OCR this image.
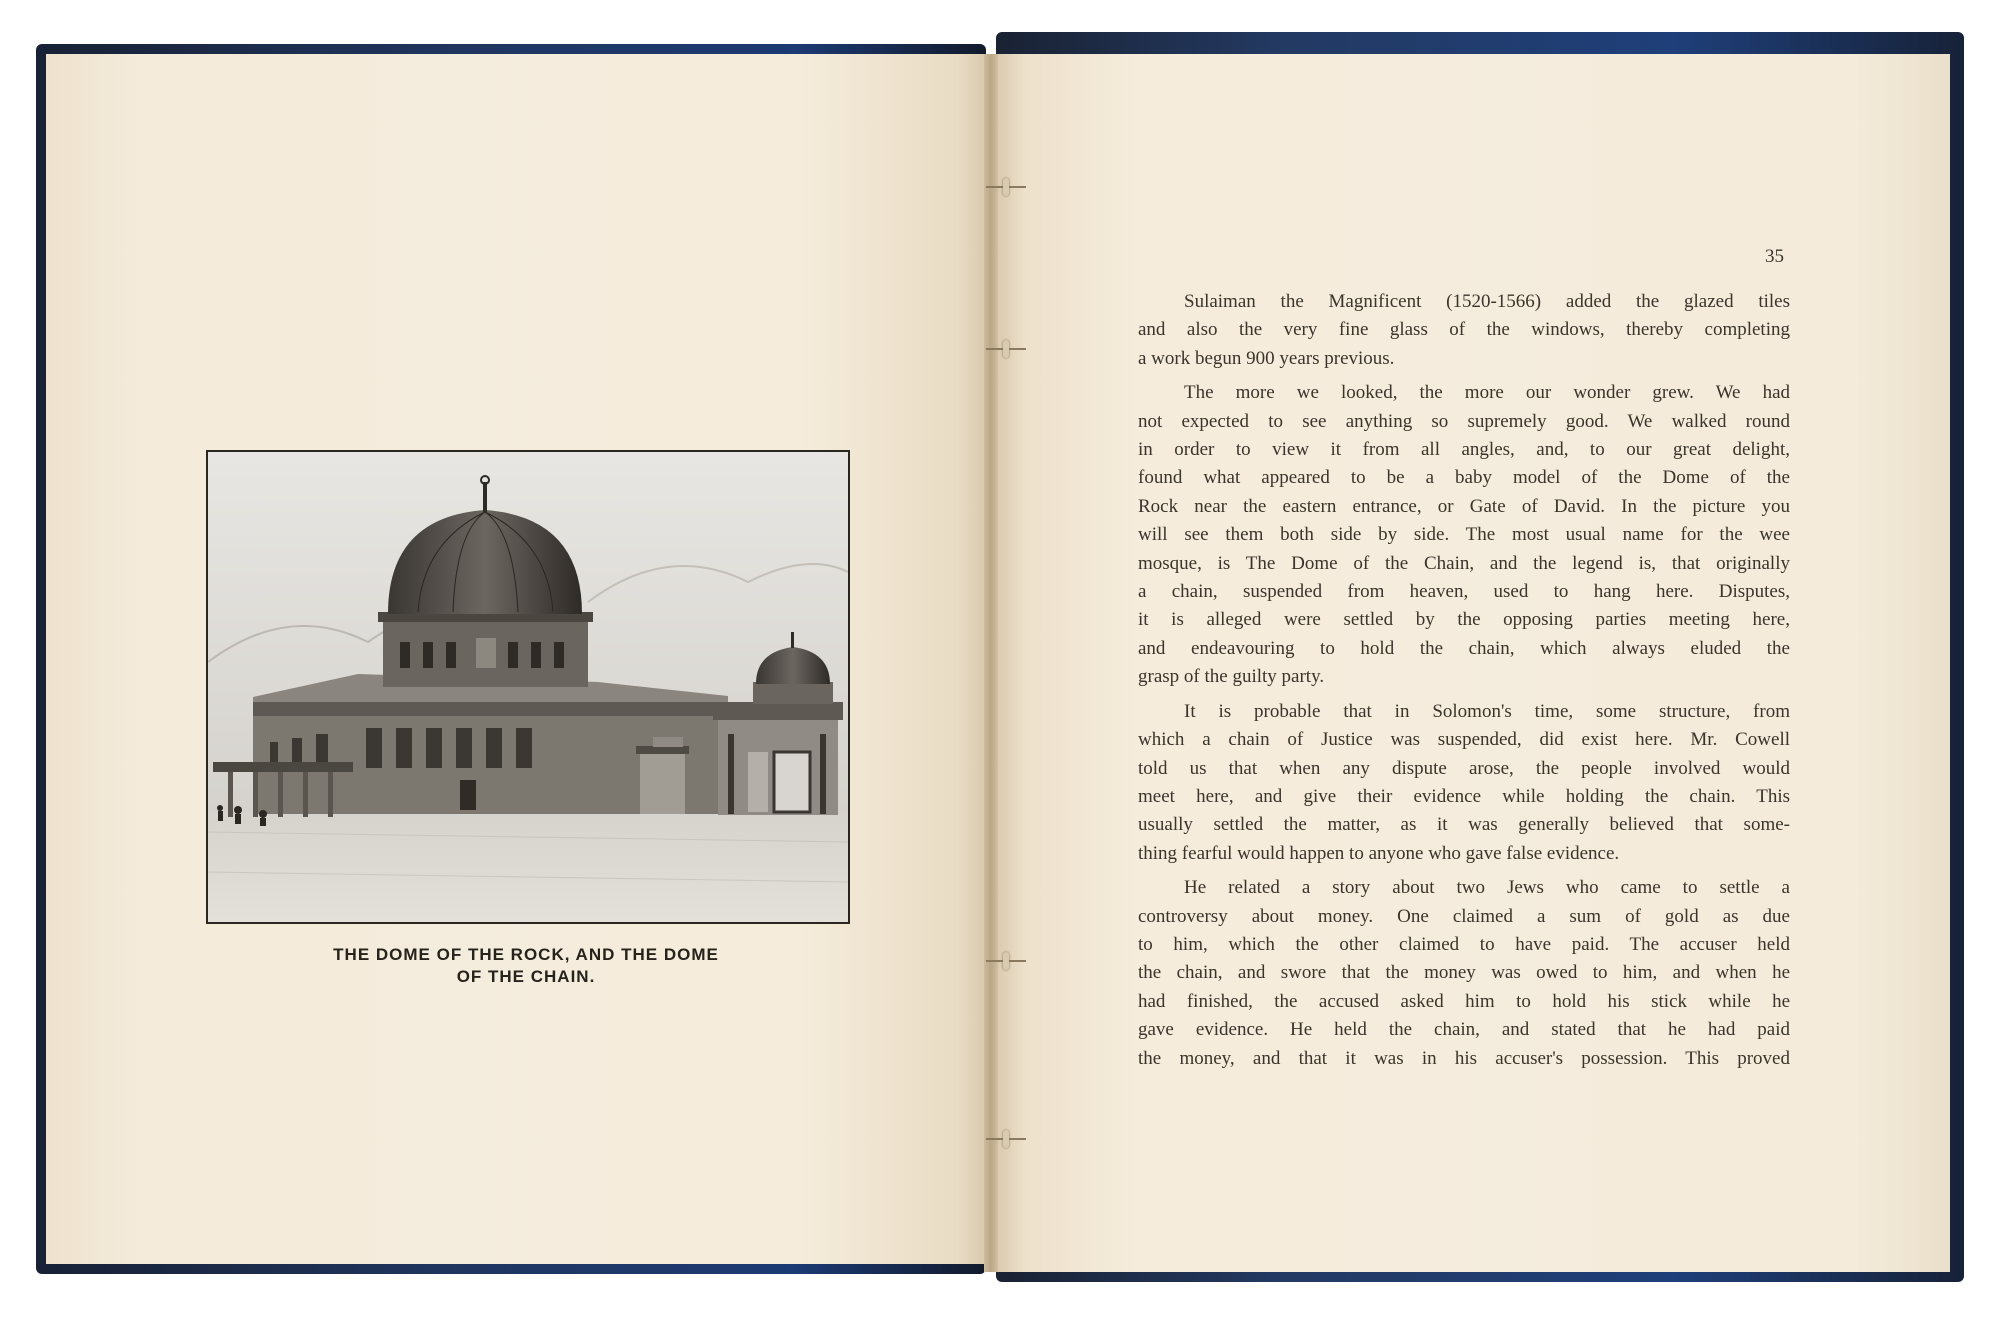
THE DOME OF THE ROCK, AND THE DOME
OF THE CHAIN.
35
Sulaiman the Magnificent (1520-1566) added the glazed tiles
and also the very fine glass of the windows, thereby completing
a work begun 900 years previous.
The more we looked, the more our wonder grew. We had
not expected to see anything so supremely good. We walked round
in order to view it from all angles, and, to our great delight,
found what appeared to be a baby model of the Dome of the
Rock near the eastern entrance, or Gate of David. In the picture you
will see them both side by side. The most usual name for the wee
mosque, is The Dome of the Chain, and the legend is, that originally
a chain, suspended from heaven, used to hang here. Disputes,
it is alleged were settled by the opposing parties meeting here,
and endeavouring to hold the chain, which always eluded the
grasp of the guilty party.
It is probable that in Solomon's time, some structure, from
which a chain of Justice was suspended, did exist here. Mr. Cowell
told us that when any dispute arose, the people involved would
meet here, and give their evidence while holding the chain. This
usually settled the matter, as it was generally believed that some-
thing fearful would happen to anyone who gave false evidence.
He related a story about two Jews who came to settle a
controversy about money. One claimed a sum of gold as due
to him, which the other claimed to have paid. The accuser held
the chain, and swore that the money was owed to him, and when he
had finished, the accused asked him to hold his stick while he
gave evidence. He held the chain, and stated that he had paid
the money, and that it was in his accuser's possession. This proved
